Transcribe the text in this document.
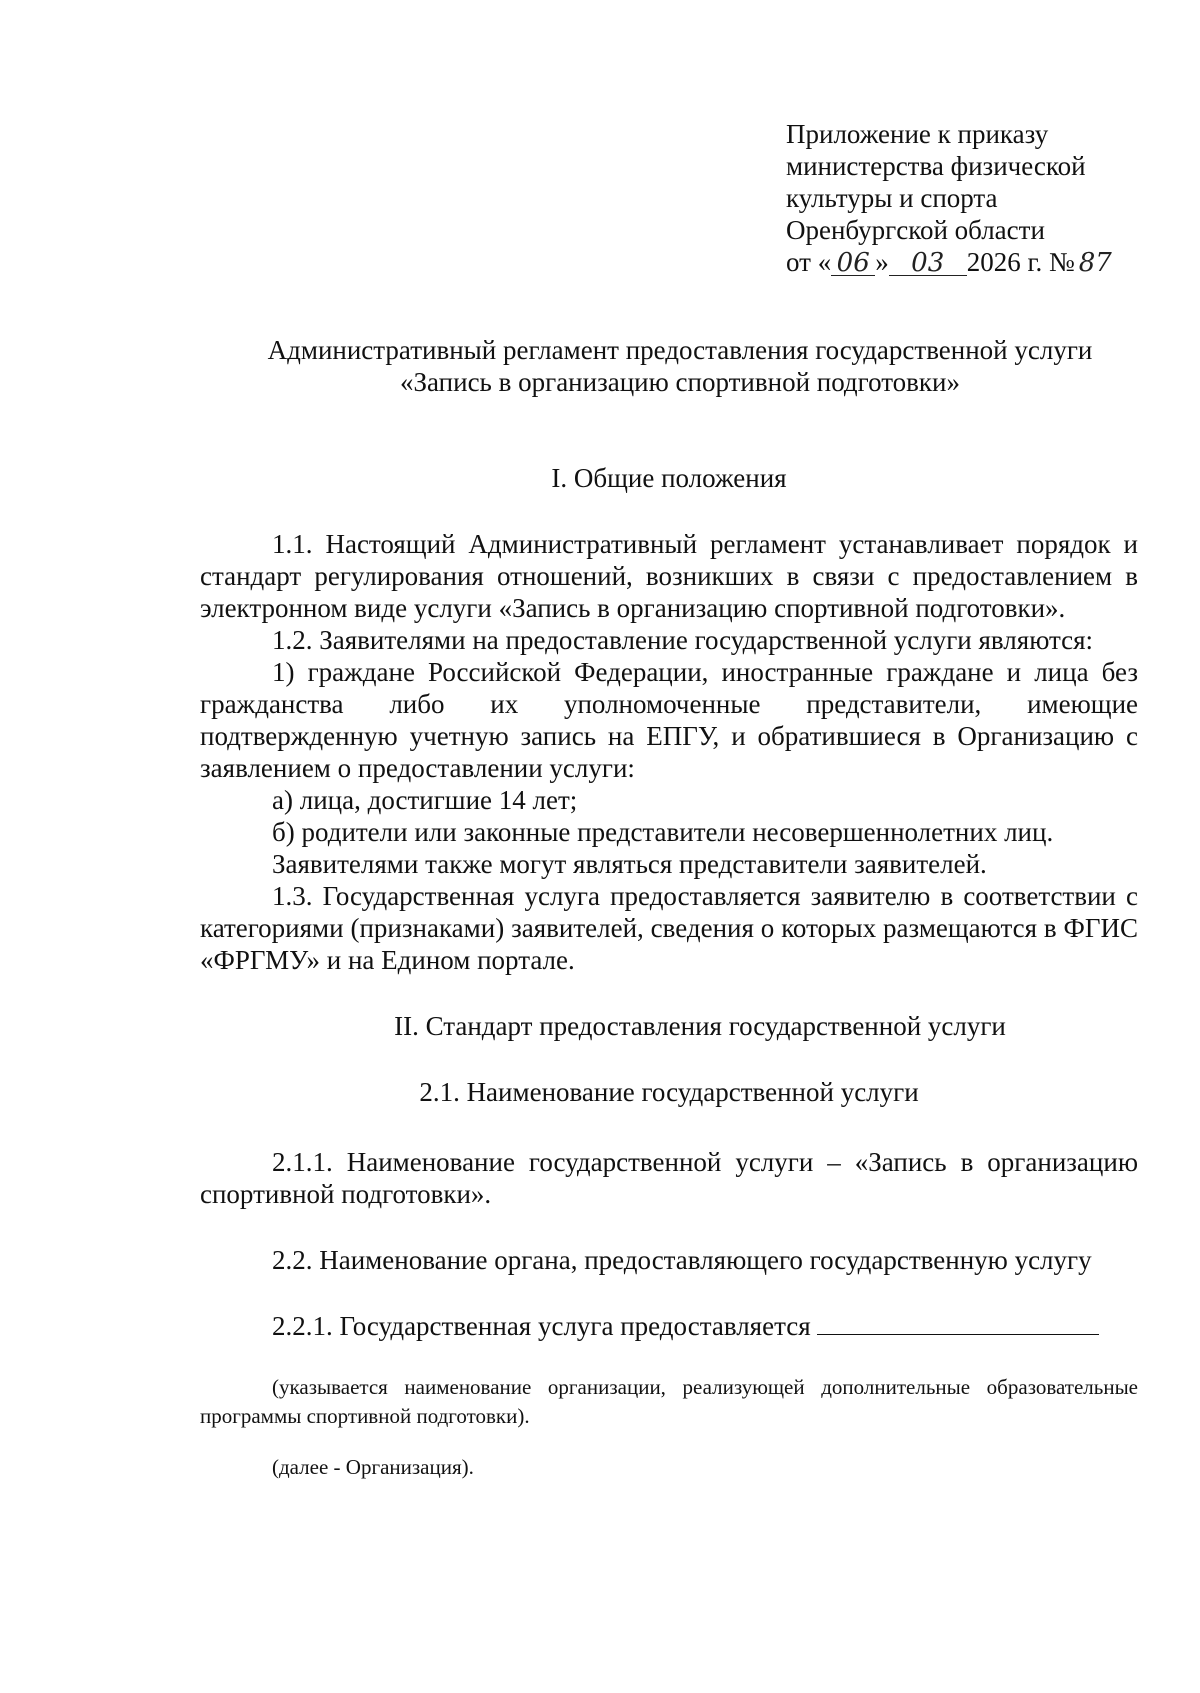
Приложение к приказу
министерства физической
культуры и спорта
Оренбургской области
от « 06 » 03 2026 г. № 87
Административный регламент предоставления государственной услуги
«Запись в организацию спортивной подготовки»
I. Общие положения

1.1. Настоящий Административный регламент устанавливает порядок и стандарт регулирования отношений, возникших в связи с предоставлением в электронном виде услуги «Запись в организацию спортивной подготовки».

1.2. Заявителями на предоставление государственной услуги являются:

1) граждане Российской Федерации, иностранные граждане и лица без гражданства либо их уполномоченные представители, имеющие подтвержденную учетную запись на ЕПГУ, и обратившиеся в Организацию с заявлением о предоставлении услуги:

а) лица, достигшие 14 лет;

б) родители или законные представители несовершеннолетних лиц.

Заявителями также могут являться представители заявителей.

1.3. Государственная услуга предоставляется заявителю в соответствии с категориями (признаками) заявителей, сведения о которых размещаются в ФГИС «ФРГМУ» и на Едином портале.

II. Стандарт предоставления государственной услуги
2.1. Наименование государственной услуги

2.1.1. Наименование государственной услуги – «Запись в организацию спортивной подготовки».

2.2. Наименование органа, предоставляющего государственную услугу

2.2.1. Государственная услуга предоставляется

(указывается наименование организации, реализующей дополнительные образовательные программы спортивной подготовки).

(далее - Организация).
